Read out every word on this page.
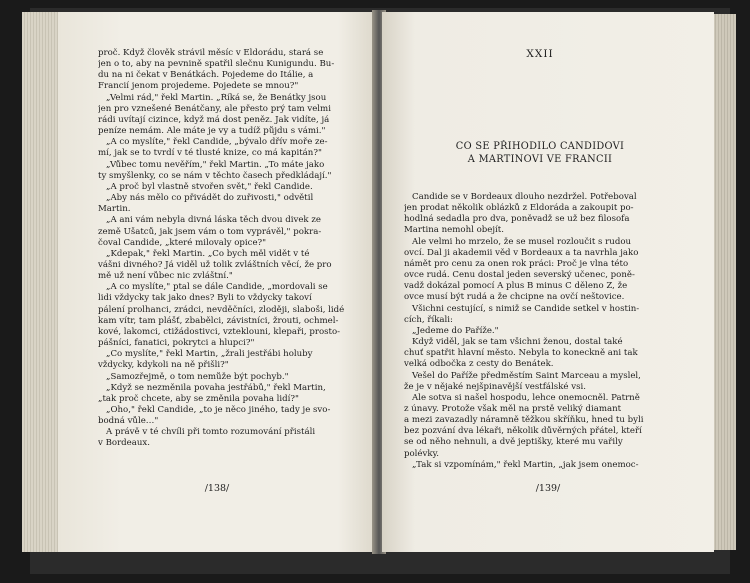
proč. Když člověk strávil měsíc v Eldorádu, stará se
jen o to, aby na pevnině spatřil slečnu Kunigundu. Bu-
du na ni čekat v Benátkách. Pojedeme do Itálie, a
Francií jenom projedeme. Pojedete se mnou?"
„Velmi rád," řekl Martin. „Říká se, že Benátky jsou
jen pro vznešené Benátčany, ale přesto prý tam velmi
rádi uvítají cizince, když má dost peněz. Jak vidíte, já
peníze nemám. Ale máte je vy a tudíž půjdu s vámi."
„A co myslíte," řekl Candide, „bývalo dřív moře ze-
mí, jak se to tvrdí v té tlusté knize, co má kapitán?"
„Vůbec tomu nevěřím," řekl Martin. „To máte jako
ty smyšlenky, co se nám v těchto časech předkládají."
„A proč byl vlastně stvořen svět," řekl Candide.
„Aby nás mělo co přivádět do zuřivosti," odvětil
Martin.
„A ani vám nebyla divná láska těch dvou divek ze
země Ušatců, jak jsem vám o tom vyprávěl," pokra-
čoval Candide, „které milovaly opice?"
„Kdepak," řekl Martin. „Co bych měl vidět v té
vášni divného? Já viděl už tolik zvláštních věcí, že pro
mě už není vůbec nic zvláštní."
„A co myslíte," ptal se dále Candide, „mordovali se
lidi vždycky tak jako dnes? Byli to vždycky takoví
pálení prolhanci, zrádci, nevděčníci, zloději, slaboši, lidé
kam vítr, tam plášť, zbabělci, závistníci, žrouti, ochmel-
kové, lakomci, ctižádostivci, vzteklouni, klepaři, prosto-
pášníci, fanatici, pokrytci a hlupci?"
„Co myslíte," řekl Martin, „žrali jestřábi holuby
vždycky, kdykoli na ně přišli?"
„Samozřejmě, o tom nemůže být pochyb."
„Když se nezměnila povaha jestřábů," řekl Martin,
„tak proč chcete, aby se změnila povaha lidí?"
„Oho," řekl Candide, „to je něco jiného, tady je svo-
bodná vůle…"
A právě v té chvíli při tomto rozumování přistáli
v Bordeaux.
/138/
XXII
CO SE PŘIHODILO CANDIDOVI
A MARTINOVI VE FRANCII
Candide se v Bordeaux dlouho nezdržel. Potřeboval
jen prodat několik oblázků z Eldoráda a zakoupit po-
hodlná sedadla pro dva, poněvadž se už bez filosofa
Martina nemohl obejít.
Ale velmi ho mrzelo, že se musel rozloučit s rudou
ovcí. Dal ji akademii věd v Bordeaux a ta navrhla jako
námět pro cenu za onen rok práci: Proč je vlna této
ovce rudá. Cenu dostal jeden severský učenec, poně-
vadž dokázal pomocí A plus B minus C děleno Z, že
ovce musí být rudá a že chcipne na ovčí neštovice.
Všichni cestující, s nimiž se Candide setkel v hostin-
cích, říkali:
„Jedeme do Paříže."
Když viděl, jak se tam všichni ženou, dostal také
chuť spatřit hlavní město. Nebyla to koneckně ani tak
velká odbočka z cesty do Benátek.
Vešel do Paříže předměstím Saint Marceau a myslel,
že je v nějaké nejšpinavější vestfálské vsi.
Ale sotva si našel hospodu, lehce onemocněl. Patrně
z únavy. Protože však měl na prstě veliký diamant
a mezi zavazadly náramně těžkou skříňku, hned tu byli
bez pozvání dva lékaři, několik důvěrných přátel, kteří
se od něho nehnuli, a dvě jeptišky, které mu vařily
polévky.
„Tak si vzpomínám," řekl Martin, „jak jsem onemoc-
/139/
